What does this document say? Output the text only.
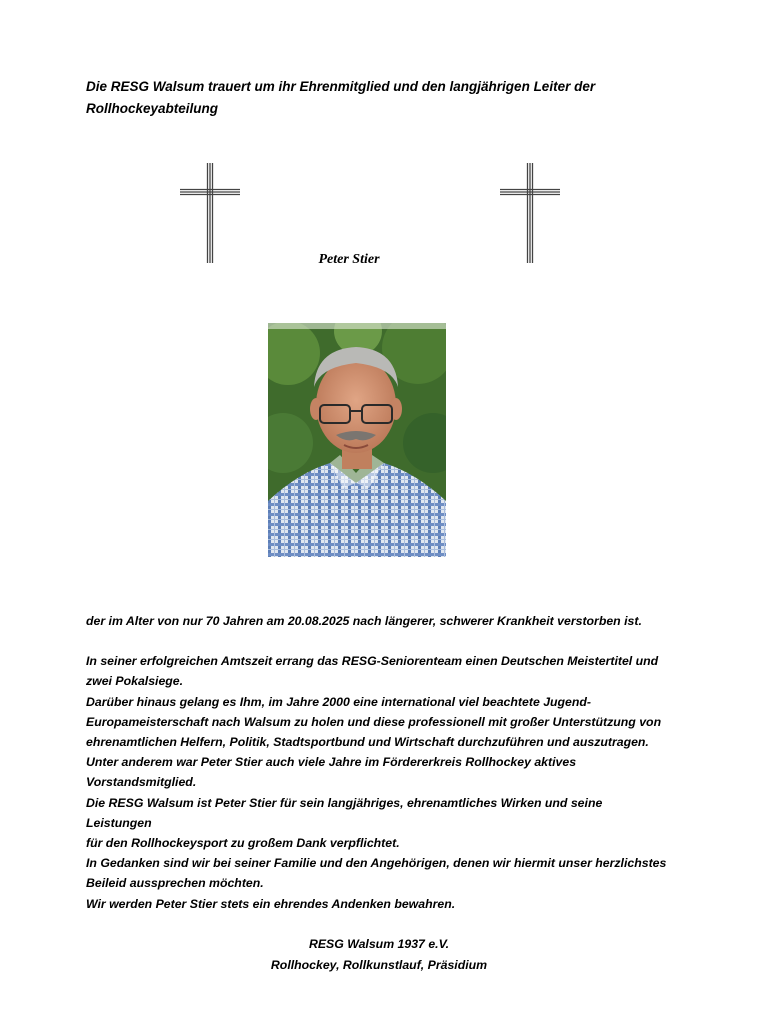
Die RESG Walsum trauert um ihr Ehrenmitglied und den langjährigen Leiter der
Rollhockeyabteilung
Peter Stier

der im Alter von nur 70 Jahren am 20.08.2025 nach längerer, schwerer Krankheit verstorben ist.

In seiner erfolgreichen Amtszeit errang das RESG-Seniorenteam einen Deutschen Meistertitel und

zwei Pokalsiege.

Darüber hinaus gelang es Ihm, im Jahre 2000 eine international viel beachtete Jugend-

Europameisterschaft nach Walsum zu holen und diese professionell mit großer Unterstützung von

ehrenamtlichen Helfern, Politik, Stadtsportbund und Wirtschaft durchzuführen und auszutragen.

Unter anderem war Peter Stier auch viele Jahre im Fördererkreis Rollhockey aktives

Vorstandsmitglied.

Die RESG Walsum ist Peter Stier für sein langjähriges, ehrenamtliches Wirken und seine Leistungen

für den Rollhockeysport zu großem Dank verpflichtet.

In Gedanken sind wir bei seiner Familie und den Angehörigen, denen wir hiermit unser herzlichstes

Beileid aussprechen möchten.

Wir werden Peter Stier stets ein ehrendes Andenken bewahren.

RESG Walsum 1937 e.V.
Rollhockey, Rollkunstlauf, Präsidium
